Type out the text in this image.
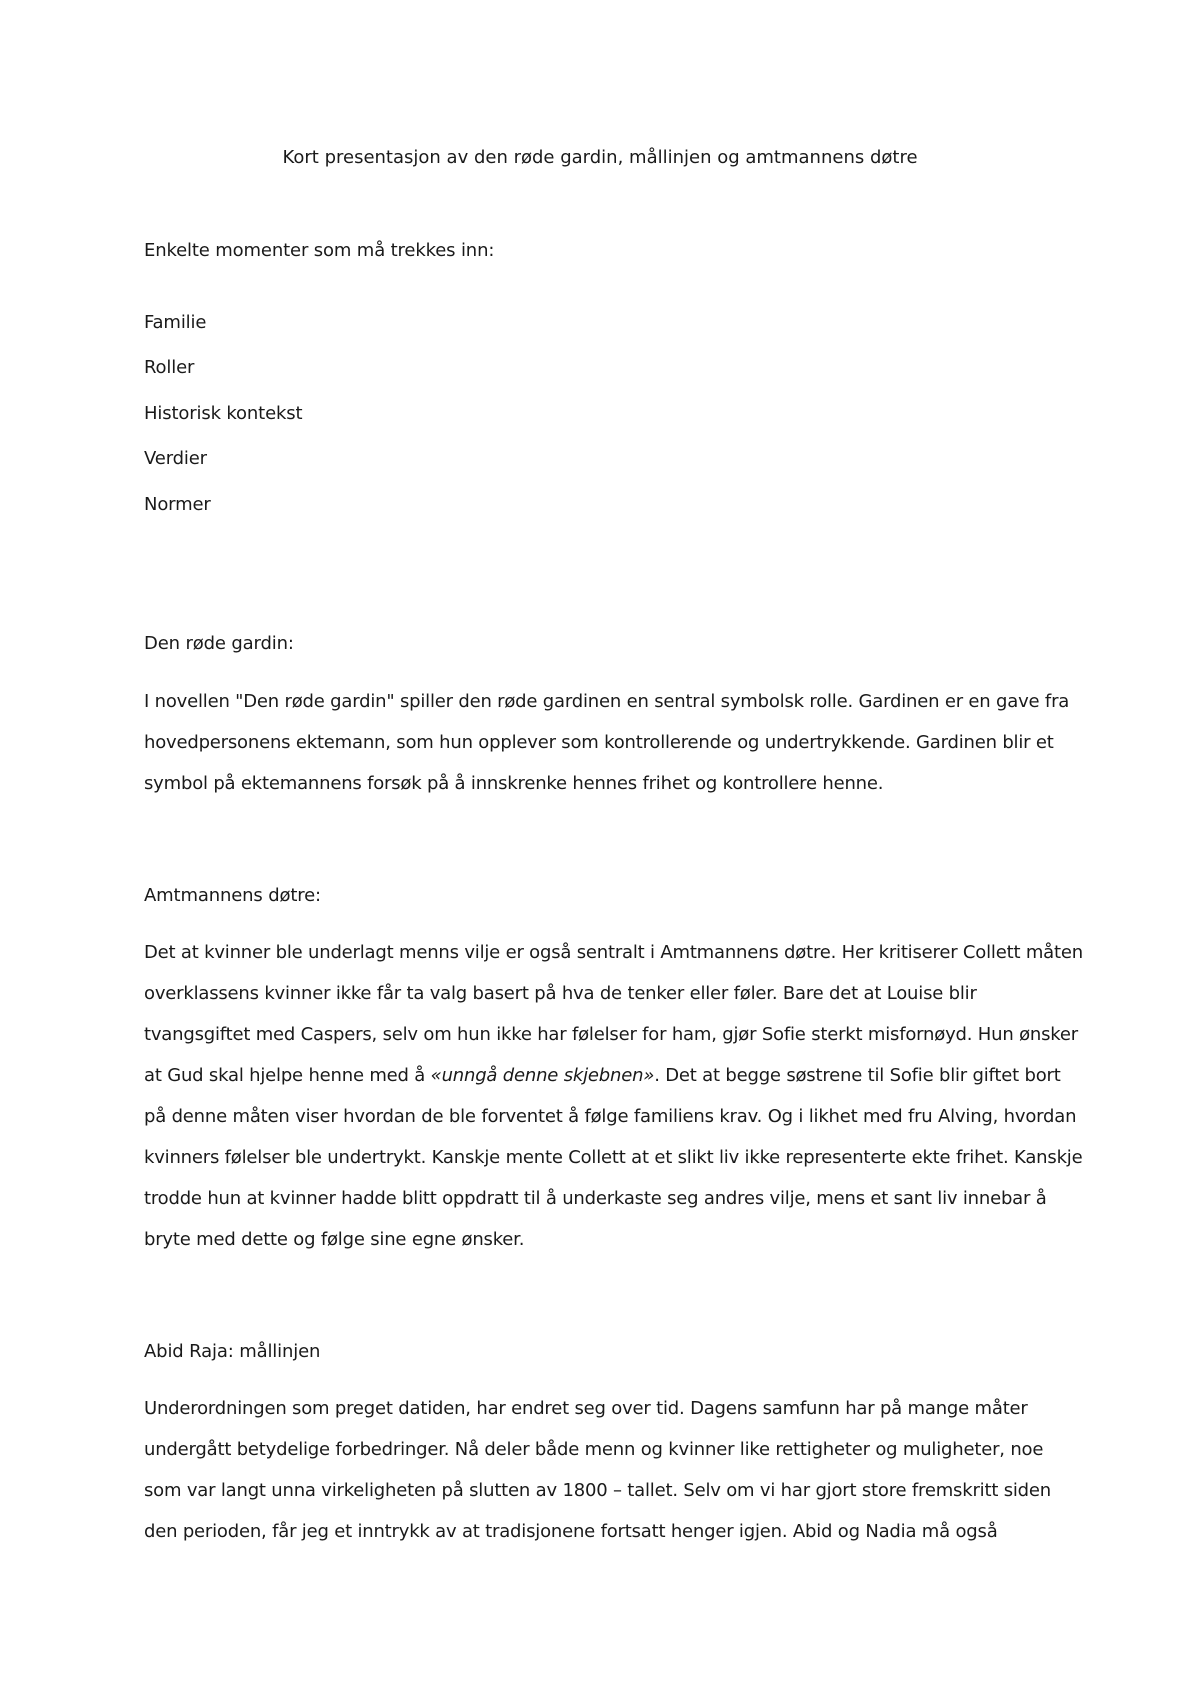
Kort presentasjon av den røde gardin, mållinjen og amtmannens døtre
Enkelte momenter som må trekkes inn:
Familie
Roller
Historisk kontekst
Verdier
Normer
Den røde gardin:
I novellen "Den røde gardin" spiller den røde gardinen en sentral symbolsk rolle. Gardinen er en gave fra hovedpersonens ektemann, som hun opplever som kontrollerende og undertrykkende. Gardinen blir et symbol på ektemannens forsøk på å innskrenke hennes frihet og kontrollere henne.
Amtmannens døtre:
Det at kvinner ble underlagt menns vilje er også sentralt i Amtmannens døtre. Her kritiserer Collett måten overklassens kvinner ikke får ta valg basert på hva de tenker eller føler. Bare det at Louise blir tvangsgiftet med Caspers, selv om hun ikke har følelser for ham, gjør Sofie sterkt misfornøyd. Hun ønsker at Gud skal hjelpe henne med å «unngå denne skjebnen». Det at begge søstrene til Sofie blir giftet bort på denne måten viser hvordan de ble forventet å følge familiens krav. Og i likhet med fru Alving, hvordan kvinners følelser ble undertrykt. Kanskje mente Collett at et slikt liv ikke representerte ekte frihet. Kanskje trodde hun at kvinner hadde blitt oppdratt til å underkaste seg andres vilje, mens et sant liv innebar å bryte med dette og følge sine egne ønsker.
Abid Raja: mållinjen
Underordningen som preget datiden, har endret seg over tid. Dagens samfunn har på mange måter undergått betydelige forbedringer. Nå deler både menn og kvinner like rettigheter og muligheter, noe som var langt unna virkeligheten på slutten av 1800 – tallet. Selv om vi har gjort store fremskritt siden den perioden, får jeg et inntrykk av at tradisjonene fortsatt henger igjen. Abid og Nadia må også
